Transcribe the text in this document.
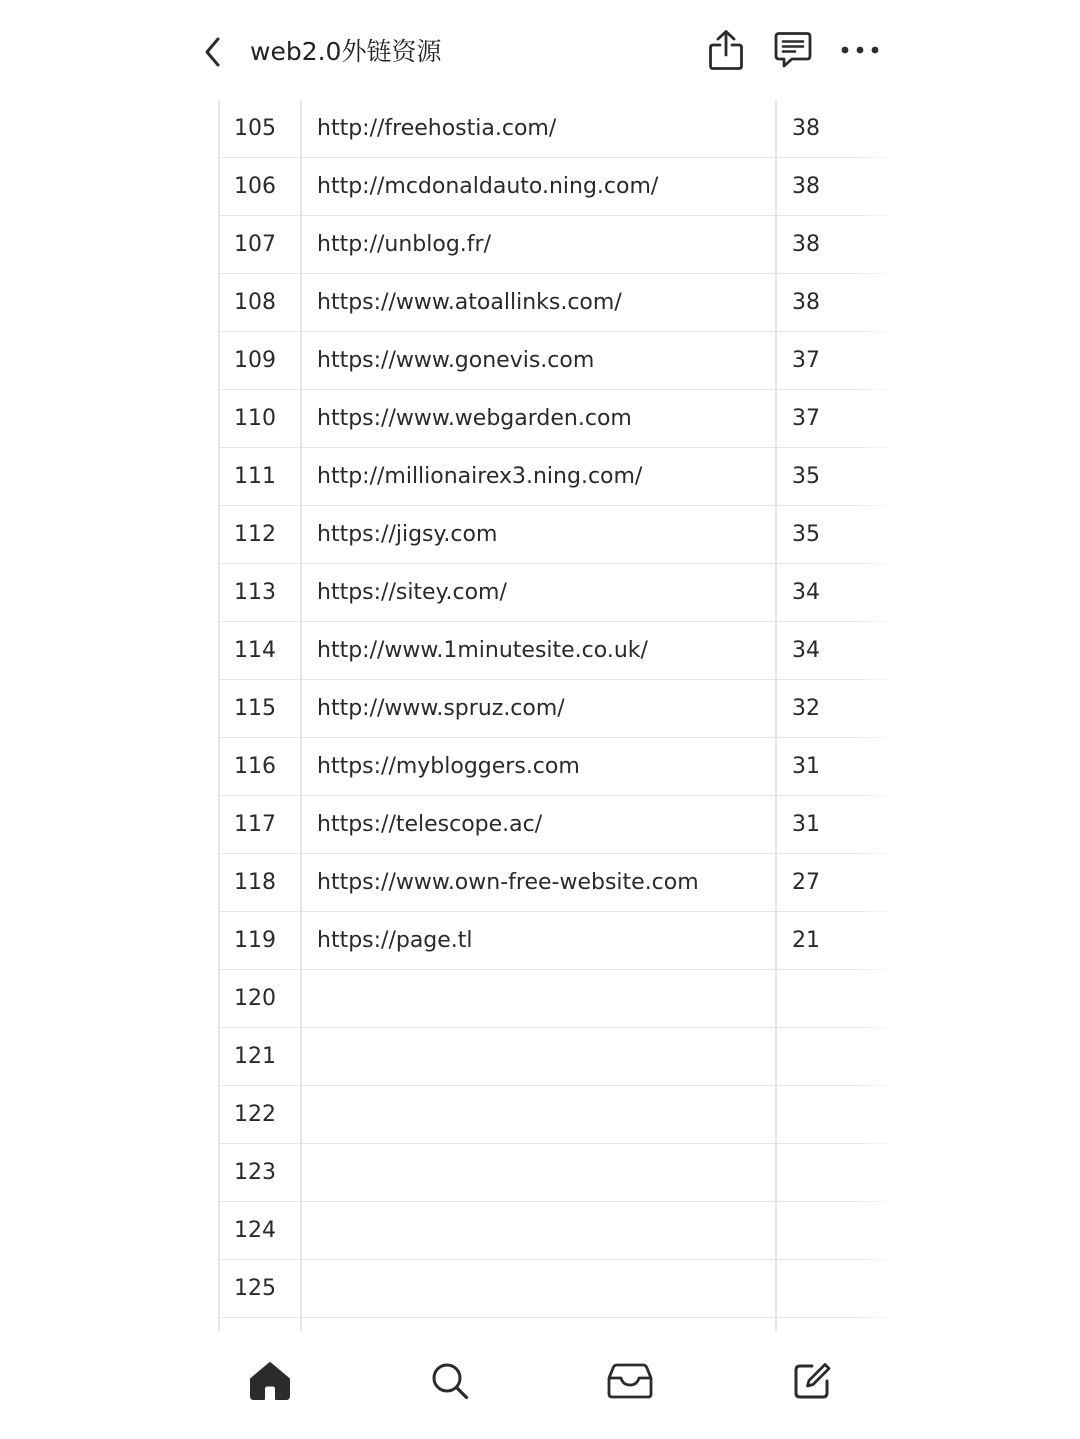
web2.0外链资源

105	http://freehostia.com/	38
106	http://mcdonaldauto.ning.com/	38
107	http://unblog.fr/	38
108	https://www.atoallinks.com/	38
109	https://www.gonevis.com	37
110	https://www.webgarden.com	37
111	http://millionairex3.ning.com/	35
112	https://jigsy.com	35
113	https://sitey.com/	34
114	http://www.1minutesite.co.uk/	34
115	http://www.spruz.com/	32
116	https://mybloggers.com	31
117	https://telescope.ac/	31
118	https://www.own-free-website.com	27
119	https://page.tl	21
120		
121		
122		
123		
124		
125		
